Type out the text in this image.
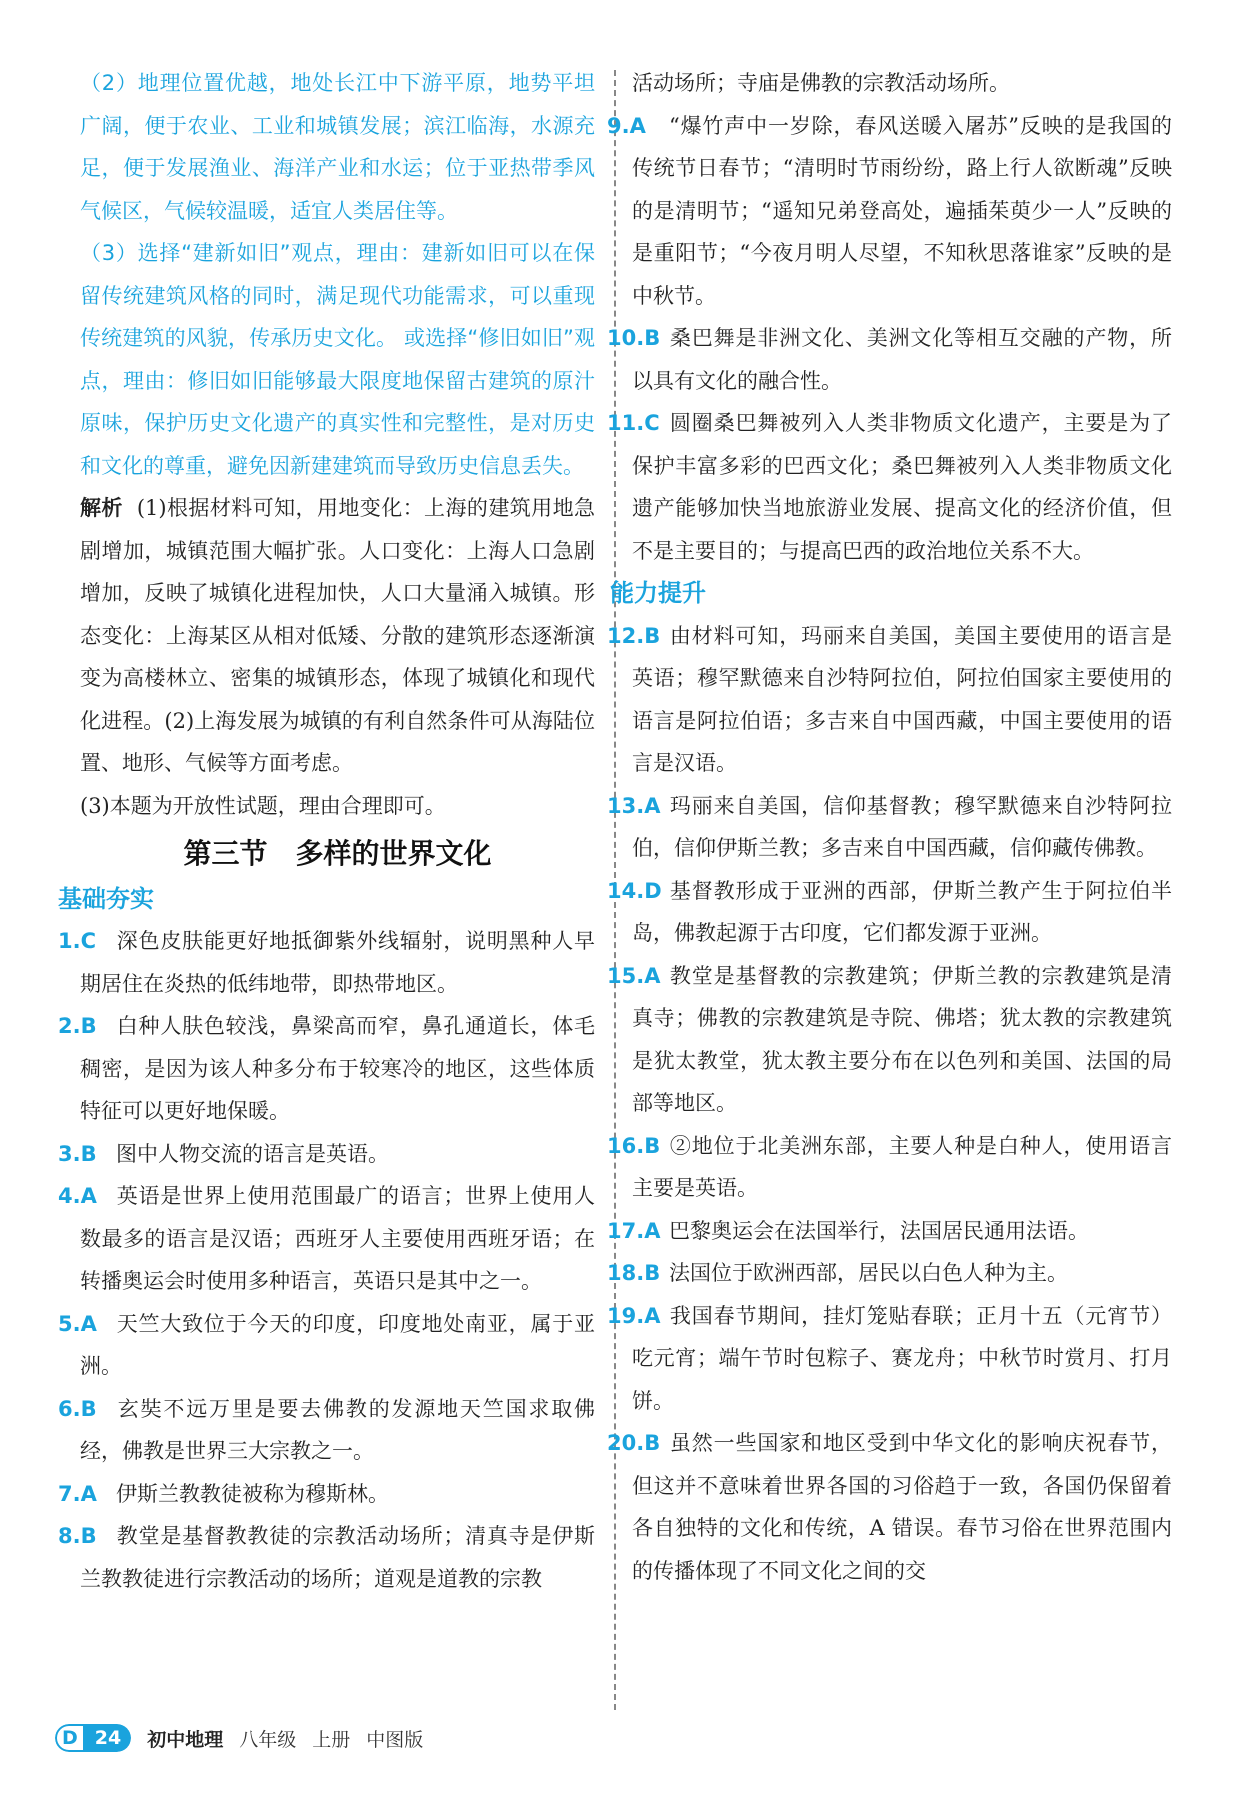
（2）地理位置优越，地处长江中下游平原，地势平坦广阔，便于农业、工业和城镇发展；滨江临海，水源充足，便于发展渔业、海洋产业和水运；位于亚热带季风气候区，气候较温暖，适宜人类居住等。

（3）选择“建新如旧”观点，理由：建新如旧可以在保留传统建筑风格的同时，满足现代功能需求，可以重现传统建筑的风貌，传承历史文化。 或选择“修旧如旧”观点，理由：修旧如旧能够最大限度地保留古建筑的原汁原味，保护历史文化遗产的真实性和完整性，是对历史和文化的尊重，避免因新建建筑而导致历史信息丢失。

解析 (1)根据材料可知，用地变化：上海的建筑用地急剧增加，城镇范围大幅扩张。人口变化：上海人口急剧增加，反映了城镇化进程加快，人口大量涌入城镇。形态变化：上海某区从相对低矮、分散的建筑形态逐渐演变为高楼林立、密集的城镇形态，体现了城镇化和现代化进程。(2)上海发展为城镇的有利自然条件可从海陆位置、地形、气候等方面考虑。

(3)本题为开放性试题，理由合理即可。

第三节　多样的世界文化
基础夯实

1.C 深色皮肤能更好地抵御紫外线辐射，说明黑种人早期居住在炎热的低纬地带，即热带地区。

2.B 白种人肤色较浅，鼻梁高而窄，鼻孔通道长，体毛稠密，是因为该人种多分布于较寒冷的地区，这些体质特征可以更好地保暖。

3.B 图中人物交流的语言是英语。

4.A 英语是世界上使用范围最广的语言；世界上使用人数最多的语言是汉语；西班牙人主要使用西班牙语；在转播奥运会时使用多种语言，英语只是其中之一。

5.A 天竺大致位于今天的印度，印度地处南亚，属于亚洲。

6.B 玄奘不远万里是要去佛教的发源地天竺国求取佛经，佛教是世界三大宗教之一。

7.A 伊斯兰教教徒被称为穆斯林。

8.B 教堂是基督教教徒的宗教活动场所；清真寺是伊斯兰教教徒进行宗教活动的场所；道观是道教的宗教

活动场所；寺庙是佛教的宗教活动场所。

9.A “爆竹声中一岁除，春风送暖入屠苏”反映的是我国的传统节日春节；“清明时节雨纷纷，路上行人欲断魂”反映的是清明节；“遥知兄弟登高处，遍插茱萸少一人”反映的是重阳节；“今夜月明人尽望，不知秋思落谁家”反映的是中秋节。

10.B 桑巴舞是非洲文化、美洲文化等相互交融的产物，所以具有文化的融合性。

11.C 圆圈桑巴舞被列入人类非物质文化遗产，主要是为了保护丰富多彩的巴西文化；桑巴舞被列入人类非物质文化遗产能够加快当地旅游业发展、提高文化的经济价值，但不是主要目的；与提高巴西的政治地位关系不大。

能力提升

12.B 由材料可知，玛丽来自美国，美国主要使用的语言是英语；穆罕默德来自沙特阿拉伯，阿拉伯国家主要使用的语言是阿拉伯语；多吉来自中国西藏，中国主要使用的语言是汉语。

13.A 玛丽来自美国，信仰基督教；穆罕默德来自沙特阿拉伯，信仰伊斯兰教；多吉来自中国西藏，信仰藏传佛教。

14.D 基督教形成于亚洲的西部，伊斯兰教产生于阿拉伯半岛，佛教起源于古印度，它们都发源于亚洲。

15.A 教堂是基督教的宗教建筑；伊斯兰教的宗教建筑是清真寺；佛教的宗教建筑是寺院、佛塔；犹太教的宗教建筑是犹太教堂，犹太教主要分布在以色列和美国、法国的局部等地区。

16.B ②地位于北美洲东部，主要人种是白种人，使用语言主要是英语。

17.A 巴黎奥运会在法国举行，法国居民通用法语。

18.B 法国位于欧洲西部，居民以白色人种为主。

19.A 我国春节期间，挂灯笼贴春联；正月十五（元宵节）吃元宵；端午节时包粽子、赛龙舟；中秋节时赏月、打月饼。

20.B 虽然一些国家和地区受到中华文化的影响庆祝春节，但这并不意味着世界各国的习俗趋于一致，各国仍保留着各自独特的文化和传统，A 错误。春节习俗在世界范围内的传播体现了不同文化之间的交

D 24	初中地理 八年级 上册 中图版
